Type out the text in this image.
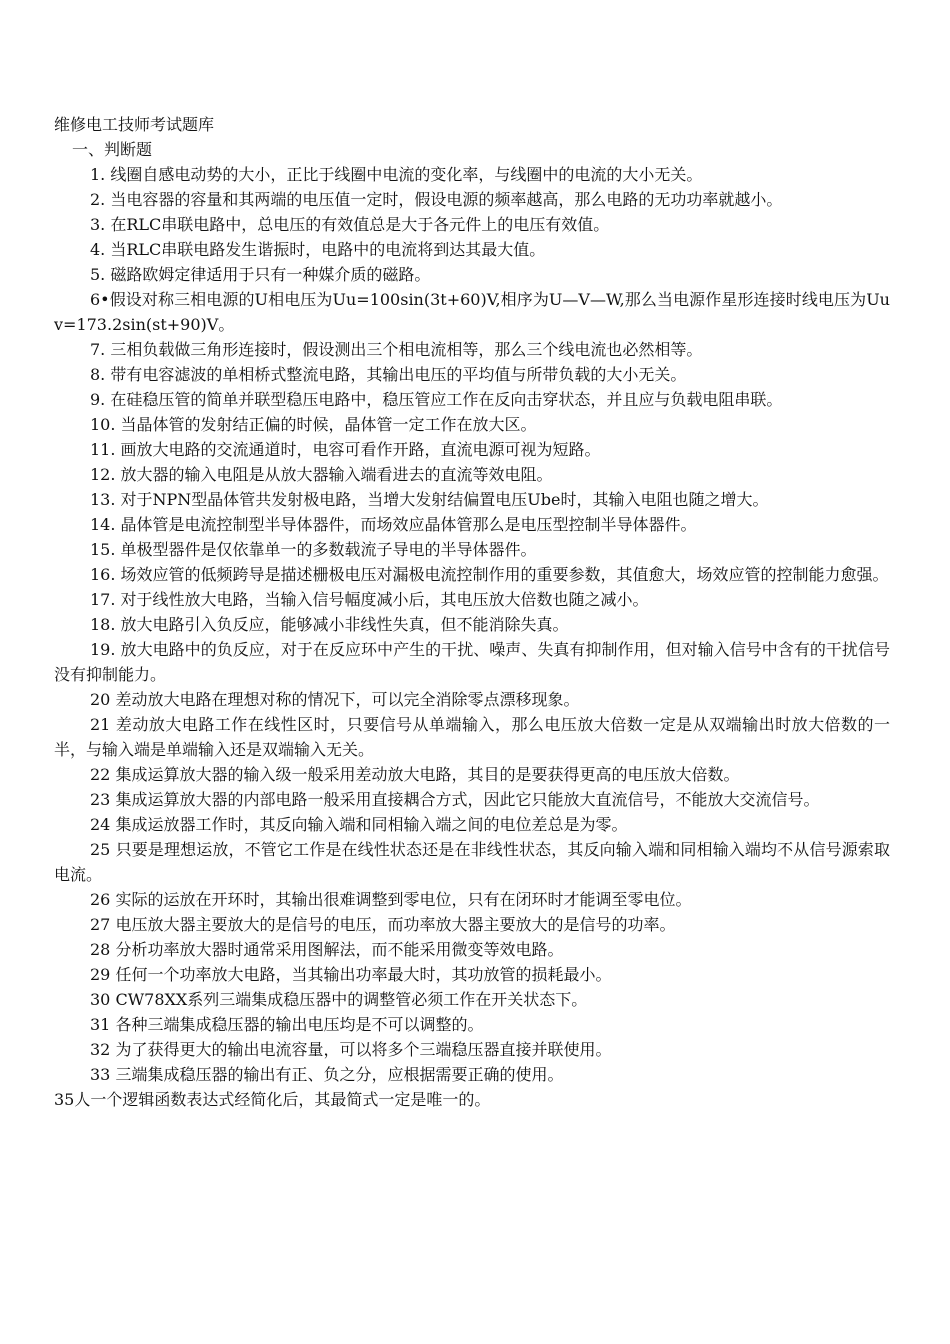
维修电工技师考试题库

一、判断题

1. 线圈自感电动势的大小，正比于线圈中电流的变化率，与线圈中的电流的大小无关。

2. 当电容器的容量和其两端的电压值一定时，假设电源的频率越高，那么电路的无功功率就越小。

3. 在RLC串联电路中，总电压的有效值总是大于各元件上的电压有效值。

4. 当RLC串联电路发生谐振时，电路中的电流将到达其最大值。

5. 磁路欧姆定律适用于只有一种媒介质的磁路。

6•假设对称三相电源的U相电压为Uu=100sin(3t+60)V,相序为U—V—W,那么当电源作星形连接时线电压为Uuv=173.2sin(st+90)V。

7. 三相负载做三角形连接时，假设测出三个相电流相等，那么三个线电流也必然相等。

8. 带有电容滤波的单相桥式整流电路，其输出电压的平均值与所带负载的大小无关。

9. 在硅稳压管的简单并联型稳压电路中，稳压管应工作在反向击穿状态，并且应与负载电阻串联。

10. 当晶体管的发射结正偏的时候，晶体管一定工作在放大区。

11. 画放大电路的交流通道时，电容可看作开路，直流电源可视为短路。

12. 放大器的输入电阻是从放大器输入端看进去的直流等效电阻。

13. 对于NPN型晶体管共发射极电路，当增大发射结偏置电压Ube时，其输入电阻也随之增大。

14. 晶体管是电流控制型半导体器件，而场效应晶体管那么是电压型控制半导体器件。

15. 单极型器件是仅依靠单一的多数载流子导电的半导体器件。

16. 场效应管的低频跨导是描述栅极电压对漏极电流控制作用的重要参数，其值愈大，场效应管的控制能力愈强。

17. 对于线性放大电路，当输入信号幅度减小后，其电压放大倍数也随之减小。

18. 放大电路引入负反应，能够减小非线性失真，但不能消除失真。

19. 放大电路中的负反应，对于在反应环中产生的干扰、噪声、失真有抑制作用，但对输入信号中含有的干扰信号没有抑制能力。

20 差动放大电路在理想对称的情况下，可以完全消除零点漂移现象。

21 差动放大电路工作在线性区时，只要信号从单端输入，那么电压放大倍数一定是从双端输出时放大倍数的一半，与输入端是单端输入还是双端输入无关。

22 集成运算放大器的输入级一般采用差动放大电路，其目的是要获得更高的电压放大倍数。

23 集成运算放大器的内部电路一般采用直接耦合方式，因此它只能放大直流信号，不能放大交流信号。

24 集成运放器工作时，其反向输入端和同相输入端之间的电位差总是为零。

25 只要是理想运放，不管它工作是在线性状态还是在非线性状态，其反向输入端和同相输入端均不从信号源索取电流。

26 实际的运放在开环时，其输出很难调整到零电位，只有在闭环时才能调至零电位。

27 电压放大器主要放大的是信号的电压，而功率放大器主要放大的是信号的功率。

28 分析功率放大器时通常采用图解法，而不能采用微变等效电路。

29 任何一个功率放大电路，当其输出功率最大时，其功放管的损耗最小。

30 CW78XX系列三端集成稳压器中的调整管必须工作在开关状态下。

31 各种三端集成稳压器的输出电压均是不可以调整的。

32 为了获得更大的输出电流容量，可以将多个三端稳压器直接并联使用。

33 三端集成稳压器的输出有正、负之分，应根据需要正确的使用。

35人一个逻辑函数表达式经简化后，其最简式一定是唯一的。
